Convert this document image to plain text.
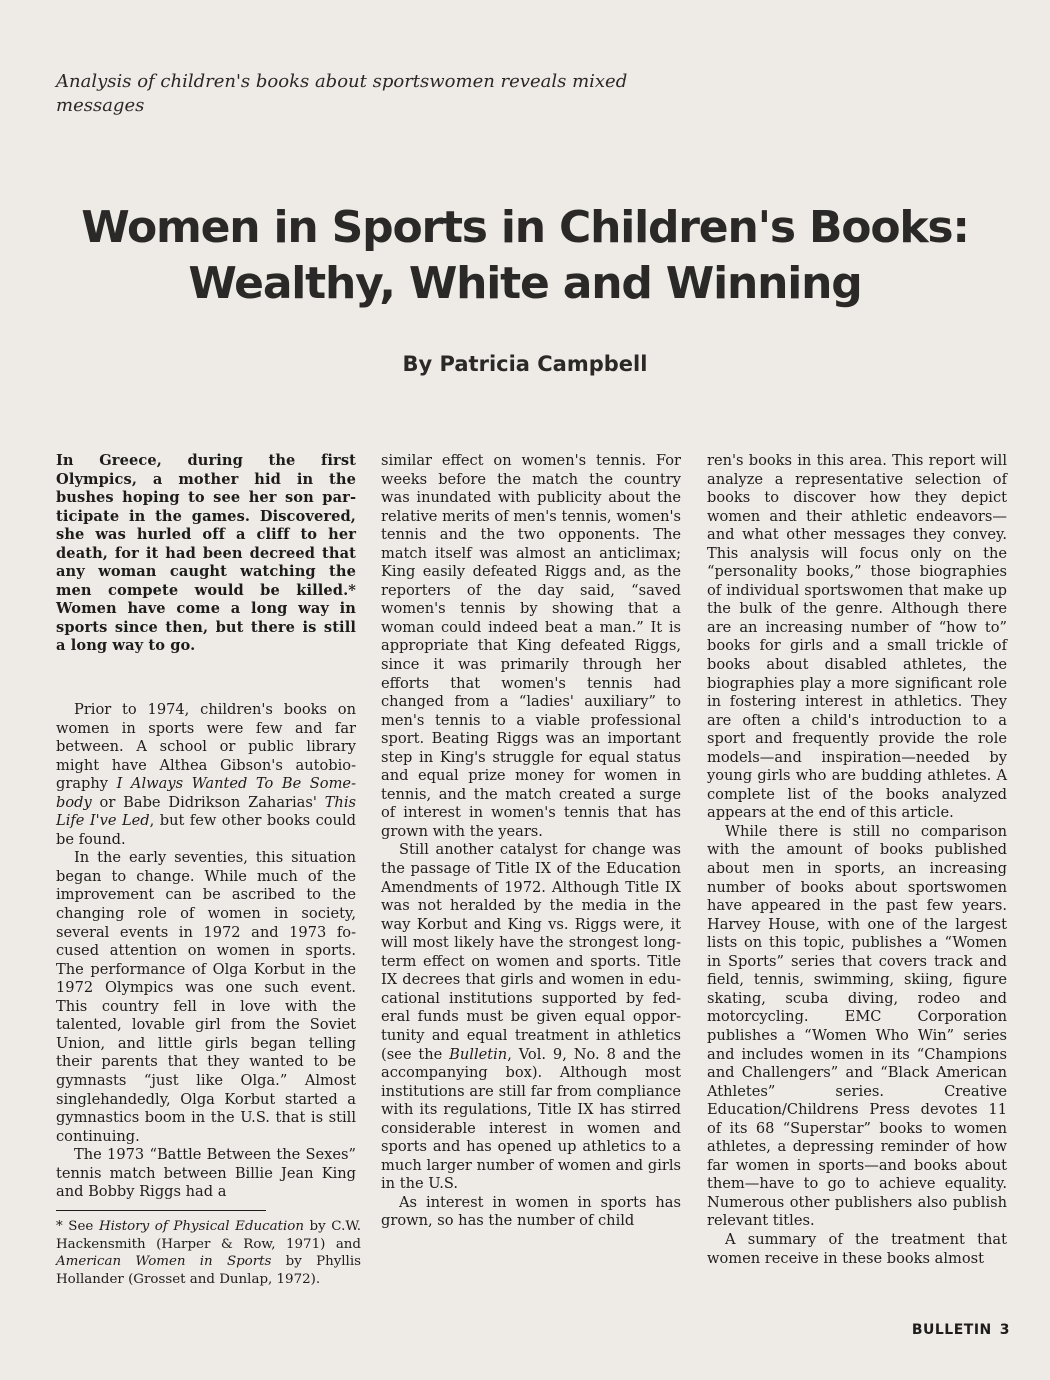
Analysis of children's books about sportswomen reveals mixed messages
Women in Sports in Children's Books:
Wealthy, White and Winning
By Patricia Campbell

In Greece, during the first Olympics, a mother hid in the bushes hoping to see her son participate in the games. Discovered, she was hurled off a cliff to her death, for it had been decreed that any woman caught watching the men compete would be killed.* Women have come a long way in sports since then, but there is still a long way to go.

Prior to 1974, children's books on women in sports were few and far between. A school or public library might have Althea Gibson's autobiography I Always Wanted To Be Somebody or Babe Didrikson Zaharias' This Life I've Led, but few other books could be found.

In the early seventies, this situation began to change. While much of the improvement can be ascribed to the changing role of women in society, several events in 1972 and 1973 focused attention on women in sports. The performance of Olga Korbut in the 1972 Olympics was one such event. This country fell in love with the talented, lovable girl from the Soviet Union, and little girls began telling their parents that they wanted to be gymnasts “just like Olga.” Almost singlehandedly, Olga Korbut started a gymnastics boom in the U.S. that is still continuing.

The 1973 “Battle Between the Sexes” tennis match between Billie Jean King and Bobby Riggs had a

similar effect on women's tennis. For weeks before the match the country was inundated with publicity about the relative merits of men's tennis, women's tennis and the two opponents. The match itself was almost an anticlimax; King easily defeated Riggs and, as the reporters of the day said, “saved women's tennis by showing that a woman could indeed beat a man.” It is appropriate that King defeated Riggs, since it was primarily through her efforts that women's tennis had changed from a “ladies' auxiliary” to men's tennis to a viable professional sport. Beating Riggs was an important step in King's struggle for equal status and equal prize money for women in tennis, and the match created a surge of interest in women's tennis that has grown with the years.

Still another catalyst for change was the passage of Title IX of the Education Amendments of 1972. Although Title IX was not heralded by the media in the way Korbut and King vs. Riggs were, it will most likely have the strongest long-term effect on women and sports. Title IX decrees that girls and women in educational institutions supported by federal funds must be given equal opportunity and equal treatment in athletics (see the Bulletin, Vol. 9, No. 8 and the accompanying box). Although most institutions are still far from compliance with its regulations, Title IX has stirred considerable interest in women and sports and has opened up athletics to a much larger number of women and girls in the U.S.

As interest in women in sports has grown, so has the number of child

ren's books in this area. This report will analyze a representative selection of books to discover how they depict women and their athletic endeavors—and what other messages they convey. This analysis will focus only on the “personality books,” those biographies of individual sportswomen that make up the bulk of the genre. Although there are an increasing number of “how to” books for girls and a small trickle of books about disabled athletes, the biographies play a more significant role in fostering interest in athletics. They are often a child's introduction to a sport and frequently provide the role models—and inspiration—needed by young girls who are budding athletes. A complete list of the books analyzed appears at the end of this article.

While there is still no comparison with the amount of books published about men in sports, an increasing number of books about sportswomen have appeared in the past few years. Harvey House, with one of the largest lists on this topic, publishes a “Women in Sports” series that covers track and field, tennis, swimming, skiing, figure skating, scuba diving, rodeo and motorcycling. EMC Corporation publishes a “Women Who Win” series and includes women in its “Champions and Challengers” and “Black American Athletes” series. Creative Education/Childrens Press devotes 11 of its 68 “Superstar” books to women athletes, a depressing reminder of how far women in sports—and books about them—have to go to achieve equality. Numerous other publishers also publish relevant titles.

A summary of the treatment that women receive in these books almost

* See History of Physical Education by C.W. Hackensmith (Harper & Row, 1971) and American Women in Sports by Phyllis Hollander (Grosset and Dunlap, 1972).
BULLETIN 3
